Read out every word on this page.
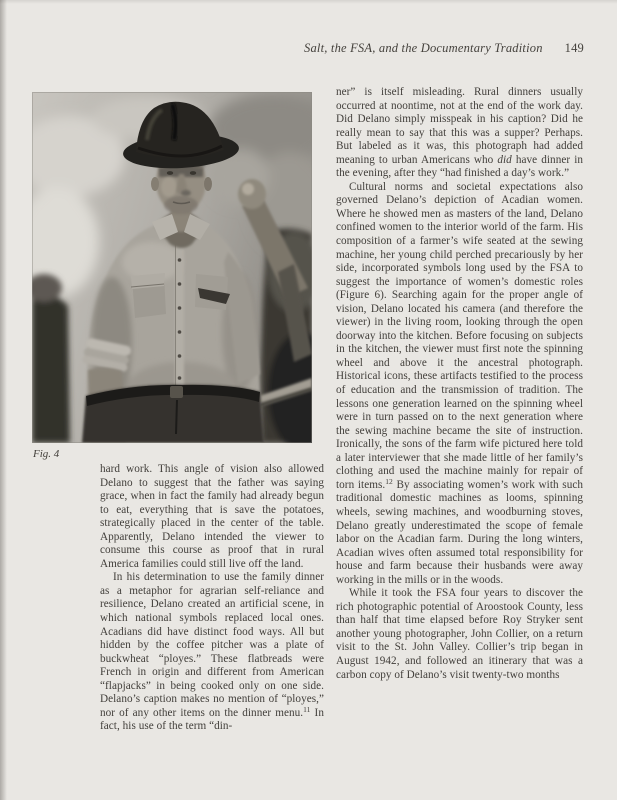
Salt, the FSA, and the Documentary Tradition 149
Fig. 4

hard work. This angle of vision also allowed Delano to suggest that the father was saying grace, when in fact the family had already begun to eat, everything that is save the potatoes, strategically placed in the center of the table. Apparently, Delano intended the viewer to consume this course as proof that in rural America families could still live off the land.

In his determination to use the family dinner as a metaphor for agrarian self-reliance and resilience, Delano created an artificial scene, in which national symbols replaced local ones. Acadians did have distinct food ways. All but hidden by the coffee pitcher was a plate of buckwheat “ployes.” These flatbreads were French in origin and different from American “flapjacks” in being cooked only on one side. Delano’s caption makes no mention of “ployes,” nor of any other items on the dinner menu.$^{11}$ In fact, his use of the term “din-

ner” is itself misleading. Rural dinners usually occurred at noontime, not at the end of the work day. Did Delano simply misspeak in his caption? Did he really mean to say that this was a supper? Perhaps. But labeled as it was, this photograph had added meaning to urban Americans who did have dinner in the evening, after they “had finished a day’s work.”

Cultural norms and societal expectations also governed Delano’s depiction of Acadian women. Where he showed men as masters of the land, Delano confined women to the interior world of the farm. His composition of a farmer’s wife seated at the sewing machine, her young child perched precariously by her side, incorporated symbols long used by the FSA to suggest the importance of women’s domestic roles (Figure 6). Searching again for the proper angle of vision, Delano located his camera (and therefore the viewer) in the living room, looking through the open doorway into the kitchen. Before focusing on subjects in the kitchen, the viewer must first note the spinning wheel and above it the ancestral photograph. Historical icons, these artifacts testified to the process of education and the transmission of tradition. The lessons one generation learned on the spinning wheel were in turn passed on to the next generation where the sewing machine became the site of instruction. Ironically, the sons of the farm wife pictured here told a later interviewer that she made little of her family’s clothing and used the machine mainly for repair of torn items.$^{12}$ By associating women’s work with such traditional domestic machines as looms, spinning wheels, sewing machines, and woodburning stoves, Delano greatly underestimated the scope of female labor on the Acadian farm. During the long winters, Acadian wives often assumed total responsibility for house and farm because their husbands were away working in the mills or in the woods.

While it took the FSA four years to discover the rich photographic potential of Aroostook County, less than half that time elapsed before Roy Stryker sent another young photographer, John Collier, on a return visit to the St. John Valley. Collier’s trip began in August 1942, and followed an itinerary that was a carbon copy of Delano’s visit twenty-two months
